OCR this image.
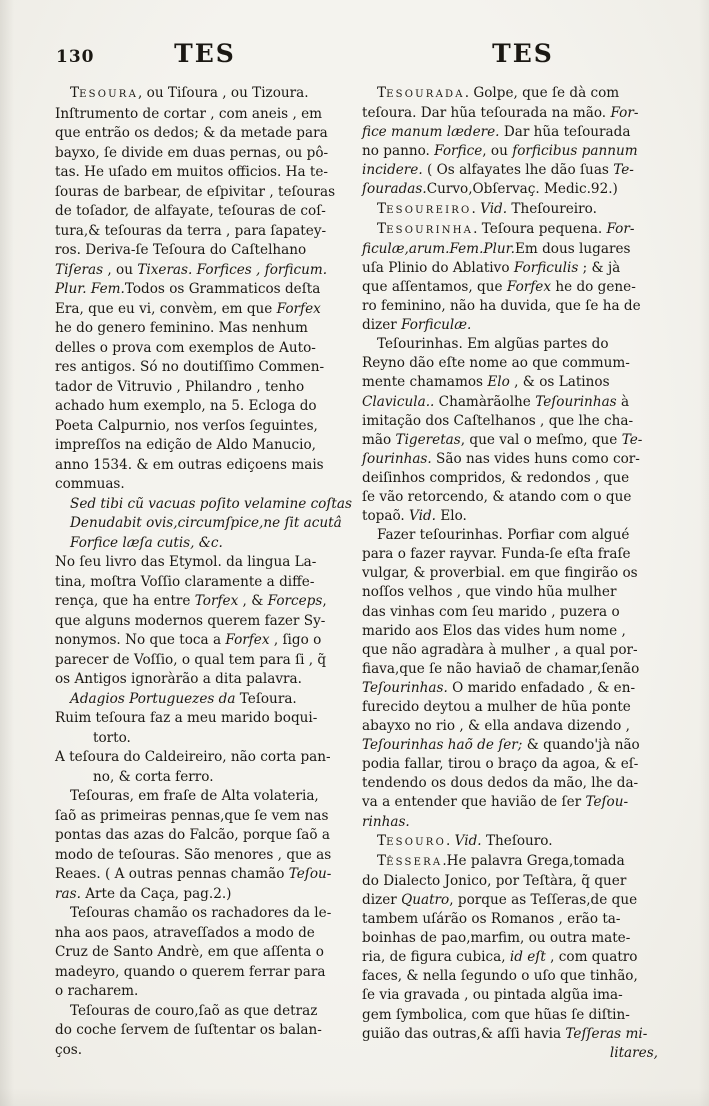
130	TES	TES
TESOURA, ou Tiſoura , ou Tizoura.
Inſtrumento de cortar , com aneis , em
que entrão os dedos; & da metade para
bayxo, ſe divide em duas pernas, ou pô-
tas. He uſado em muitos officios. Ha te-
ſouras de barbear, de eſpivitar , teſouras
de toſador, de alfayate, teſouras de coſ-
tura,& teſouras da terra , para ſapatey-
ros. Deriva-ſe Teſoura do Caſtelhano
Tiſeras , ou Tixeras. Forfices , forficum.
Plur. Fem.Todos os Grammaticos deſta
Era, que eu vi, convèm, em que Forfex
he do genero feminino. Mas nenhum
delles o prova com exemplos de Auto-
res antigos. Só no doutiſſimo Commen-
tador de Vitruvio , Philandro , tenho
achado hum exemplo, na 5. Ecloga do
Poeta Calpurnio, nos verſos ſeguintes,
impreſſos na edição de Aldo Manucio,
anno 1534. & em outras ediçoens mais
commuas.
Sed tibi cũ vacuas poſito velamine coſtas
Denudabit ovis,circumſpice,ne ſit acutâ
Forfice læſa cutis, &c.
No ſeu livro das Etymol. da lingua La-
tina, moſtra Voſſio claramente a diffe-
rença, que ha entre Torfex , & Forceps,
que alguns modernos querem fazer Sy-
nonymos. No que toca a Forfex , ſigo o
parecer de Voſſio, o qual tem para ſi , q̃
os Antigos ignoràrão a dita palavra.
Adagios Portuguezes da Teſoura.
Ruim teſoura faz a meu marido boqui-
torto.
A teſoura do Caldeireiro, não corta pan-
no, & corta ferro.
Teſouras, em fraſe de Alta volateria,
ſaõ as primeiras pennas,que ſe vem nas
pontas das azas do Falcão, porque ſaõ a
modo de teſouras. São menores , que as
Reaes. ( A outras pennas chamão Teſou-
ras. Arte da Caça, pag.2.)
Teſouras chamão os rachadores da le-
nha aos paos, atraveſſados a modo de
Cruz de Santo Andrè, em que aſſenta o
madeyro, quando o querem ferrar para
o racharem.
Teſouras de couro,ſaõ as que detraz
do coche ſervem de ſuſtentar os balan-
ços.
TESOURADA. Golpe, que ſe dà com
teſoura. Dar hũa teſourada na mão. For-
fice manum lædere. Dar hũa teſourada
no panno. Forfice, ou forficibus pannum
incidere. ( Os alfayates lhe dão ſuas Te-
ſouradas.Curvo,Obſervaç. Medic.92.)
TESOUREIRO. Vid. Theſoureiro.
TESOURINHA. Teſoura pequena. For-
ficulæ,arum.Fem.Plur.Em dous lugares
uſa Plinio do Ablativo Forficulis ; & jà
que aſſentamos, que Forfex he do gene-
ro feminino, não ha duvida, que ſe ha de
dizer Forficulæ.
Teſourinhas. Em algũas partes do
Reyno dão eſte nome ao que commum-
mente chamamos Elo , & os Latinos
Clavicula.. Chamàrãolhe Teſourinhas à
imitação dos Caſtelhanos , que lhe cha-
mão Tigeretas, que val o meſmo, que Te-
ſourinhas. São nas vides huns como cor-
deiſinhos compridos, & redondos , que
ſe vão retorcendo, & atando com o que
topaõ. Vid. Elo.
Fazer teſourinhas. Porfiar com algué
para o fazer rayvar. Funda-ſe eſta fraſe
vulgar, & proverbial. em que fingirão os
noſſos velhos , que vindo hũa mulher
das vinhas com ſeu marido , puzera o
marido aos Elos das vides hum nome ,
que não agradàra à mulher , a qual por-
fiava,que ſe não haviaõ de chamar,ſenão
Teſourinhas. O marido enfadado , & en-
furecido deytou a mulher de hũa ponte
abayxo no rio , & ella andava dizendo ,
Teſourinhas haõ de ſer; & quando'jà não
podia fallar, tirou o braço da agoa, & eſ-
tendendo os dous dedos da mão, lhe da-
va a entender que havião de ſer Teſou-
rinhas.
TESOURO. Vid. Theſouro.
TÊSSERA.He palavra Grega,tomada
do Dialecto Jonico, por Teſtàra, q̃ quer
dizer Quatro, porque as Teſſeras,de que
tambem uſárão os Romanos , erão ta-
boinhas de pao,marfim, ou outra mate-
ria, de figura cubica, id eſt , com quatro
faces, & nella ſegundo o uſo que tinhão,
ſe via gravada , ou pintada algũa ima-
gem ſymbolica, com que hũas ſe diſtin-
guião das outras,& aſſi havia Teſſeras mi-
litares,
